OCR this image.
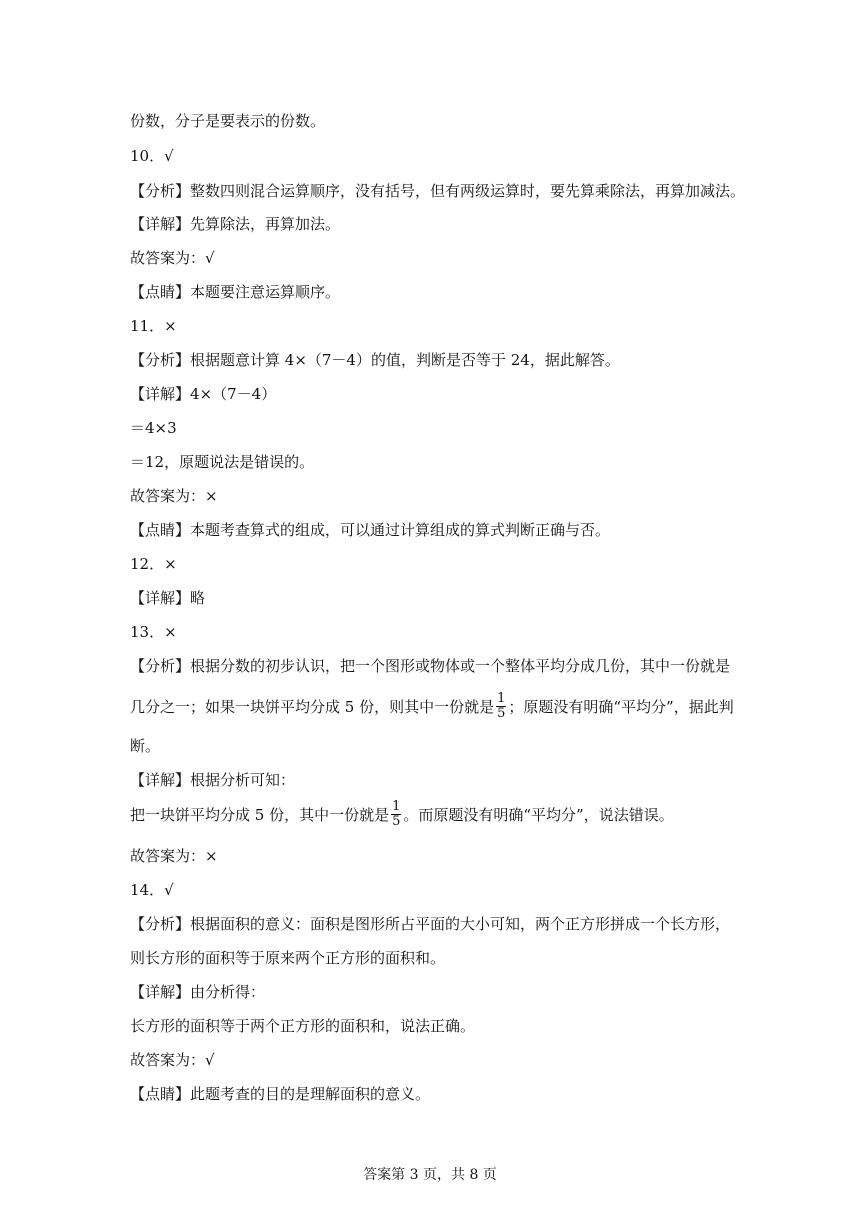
份数，分子是要表示的份数。
10．√
【分析】整数四则混合运算顺序，没有括号，但有两级运算时，要先算乘除法，再算加减法。
【详解】先算除法，再算加法。
故答案为：√
【点睛】本题要注意运算顺序。
11．×
【分析】根据题意计算 4×（7－4）的值，判断是否等于 24，据此解答。
【详解】4×（7－4）
＝4×3
＝12，原题说法是错误的。
故答案为：×
【点睛】本题考查算式的组成，可以通过计算组成的算式判断正确与否。
12．×
【详解】略
13．×
【分析】根据分数的初步认识，把一个图形或物体或一个整体平均分成几份，其中一份就是
几分之一；如果一块饼平均分成 5 份，则其中一份就是 $\frac{1}{5}$ ；原题没有明确“平均分”，据此判
断。
【详解】根据分析可知：
把一块饼平均分成 5 份，其中一份就是 $\frac{1}{5}$ 。而原题没有明确“平均分”，说法错误。
故答案为：×
14．√
【分析】根据面积的意义：面积是图形所占平面的大小可知，两个正方形拼成一个长方形，
则长方形的面积等于原来两个正方形的面积和。
【详解】由分析得：
长方形的面积等于两个正方形的面积和，说法正确。
故答案为：√
【点睛】此题考查的目的是理解面积的意义。
答案第 3 页，共 8 页
